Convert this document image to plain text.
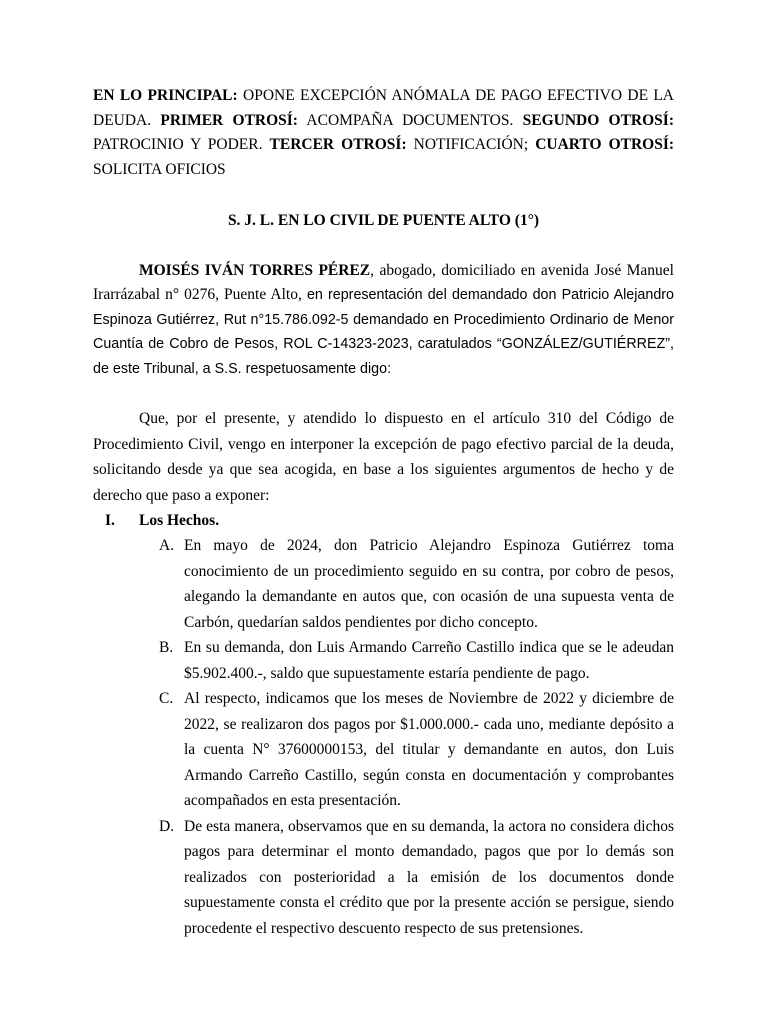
EN LO PRINCIPAL: OPONE EXCEPCIÓN ANÓMALA DE PAGO EFECTIVO DE LA DEUDA. PRIMER OTROSÍ: ACOMPAÑA DOCUMENTOS. SEGUNDO OTROSÍ: PATROCINIO Y PODER. TERCER OTROSÍ: NOTIFICACIÓN; CUARTO OTROSÍ: SOLICITA OFICIOS

S. J. L. EN LO CIVIL DE PUENTE ALTO (1°)

MOISÉS IVÁN TORRES PÉREZ, abogado, domiciliado en avenida José Manuel Irarrázabal n° 0276, Puente Alto, en representación del demandado don Patricio Alejandro Espinoza Gutiérrez, Rut n°15.786.092-5 demandado en Procedimiento Ordinario de Menor Cuantía de Cobro de Pesos, ROL C-14323-2023, caratulados “GONZÁLEZ/GUTIÉRREZ”, de este Tribunal, a S.S. respetuosamente digo:

Que, por el presente, y atendido lo dispuesto en el artículo 310 del Código de Procedimiento Civil, vengo en interponer la excepción de pago efectivo parcial de la deuda, solicitando desde ya que sea acogida, en base a los siguientes argumentos de hecho y de derecho que paso a exponer:

I.	Los Hechos.
A. En mayo de 2024, don Patricio Alejandro Espinoza Gutiérrez toma conocimiento de un procedimiento seguido en su contra, por cobro de pesos, alegando la demandante en autos que, con ocasión de una supuesta venta de Carbón, quedarían saldos pendientes por dicho concepto.
B. En su demanda, don Luis Armando Carreño Castillo indica que se le adeudan $5.902.400.-, saldo que supuestamente estaría pendiente de pago.
C. Al respecto, indicamos que los meses de Noviembre de 2022 y diciembre de 2022, se realizaron dos pagos por $1.000.000.- cada uno, mediante depósito a la cuenta N° 37600000153, del titular y demandante en autos, don Luis Armando Carreño Castillo, según consta en documentación y comprobantes acompañados en esta presentación.
D. De esta manera, observamos que en su demanda, la actora no considera dichos pagos para determinar el monto demandado, pagos que por lo demás son realizados con posterioridad a la emisión de los documentos donde supuestamente consta el crédito que por la presente acción se persigue, siendo procedente el respectivo descuento respecto de sus pretensiones.
